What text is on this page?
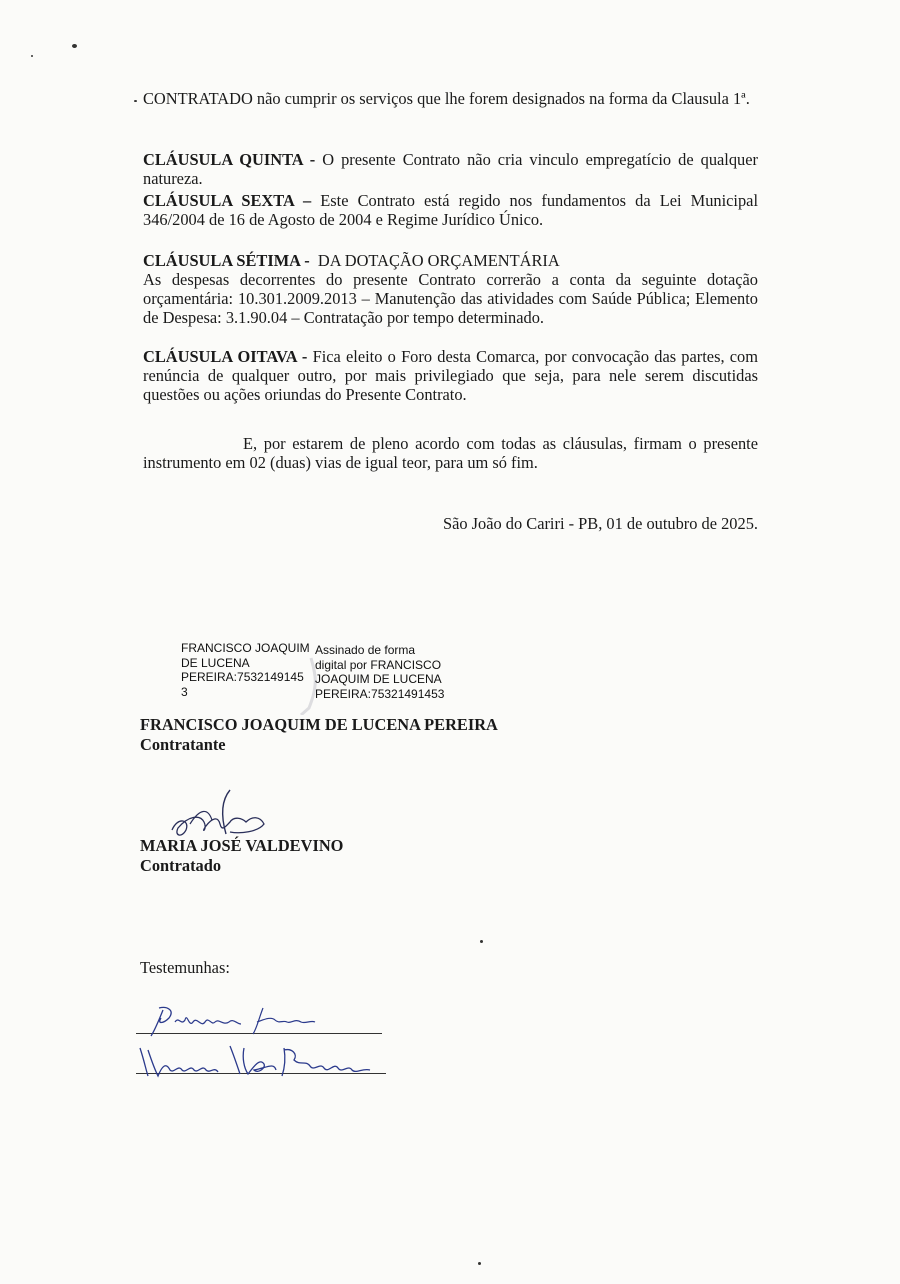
CONTRATADO não cumprir os serviços que lhe forem designados na forma da Clausula 1ª.
CLÁUSULA QUINTA - O presente Contrato não cria vinculo empregatício de qualquer natureza.
CLÁUSULA SEXTA – Este Contrato está regido nos fundamentos da Lei Municipal 346/2004 de 16 de Agosto de 2004 e Regime Jurídico Único.
CLÁUSULA SÉTIMA -  DA DOTAÇÃO ORÇAMENTÁRIA
As despesas decorrentes do presente Contrato correrão a conta da seguinte dotação orçamentária: 10.301.2009.2013 – Manutenção das atividades com Saúde Pública; Elemento de Despesa: 3.1.90.04 – Contratação por tempo determinado.
CLÁUSULA OITAVA - Fica eleito o Foro desta Comarca, por convocação das partes, com renúncia de qualquer outro, por mais privilegiado que seja, para nele serem discutidas questões ou ações oriundas do Presente Contrato.
E, por estarem de pleno acordo com todas as cláusulas, firmam o presente instrumento em 02 (duas) vias de igual teor, para um só fim.
São João do Cariri - PB, 01 de outubro de 2025.
FRANCISCO JOAQUIM
DE LUCENA
PEREIRA:7532149145
3
Assinado de forma
digital por FRANCISCO
JOAQUIM DE LUCENA
PEREIRA:75321491453
FRANCISCO JOAQUIM DE LUCENA PEREIRA
Contratante
MARIA JOSÉ VALDEVINO
Contratado
Testemunhas:
